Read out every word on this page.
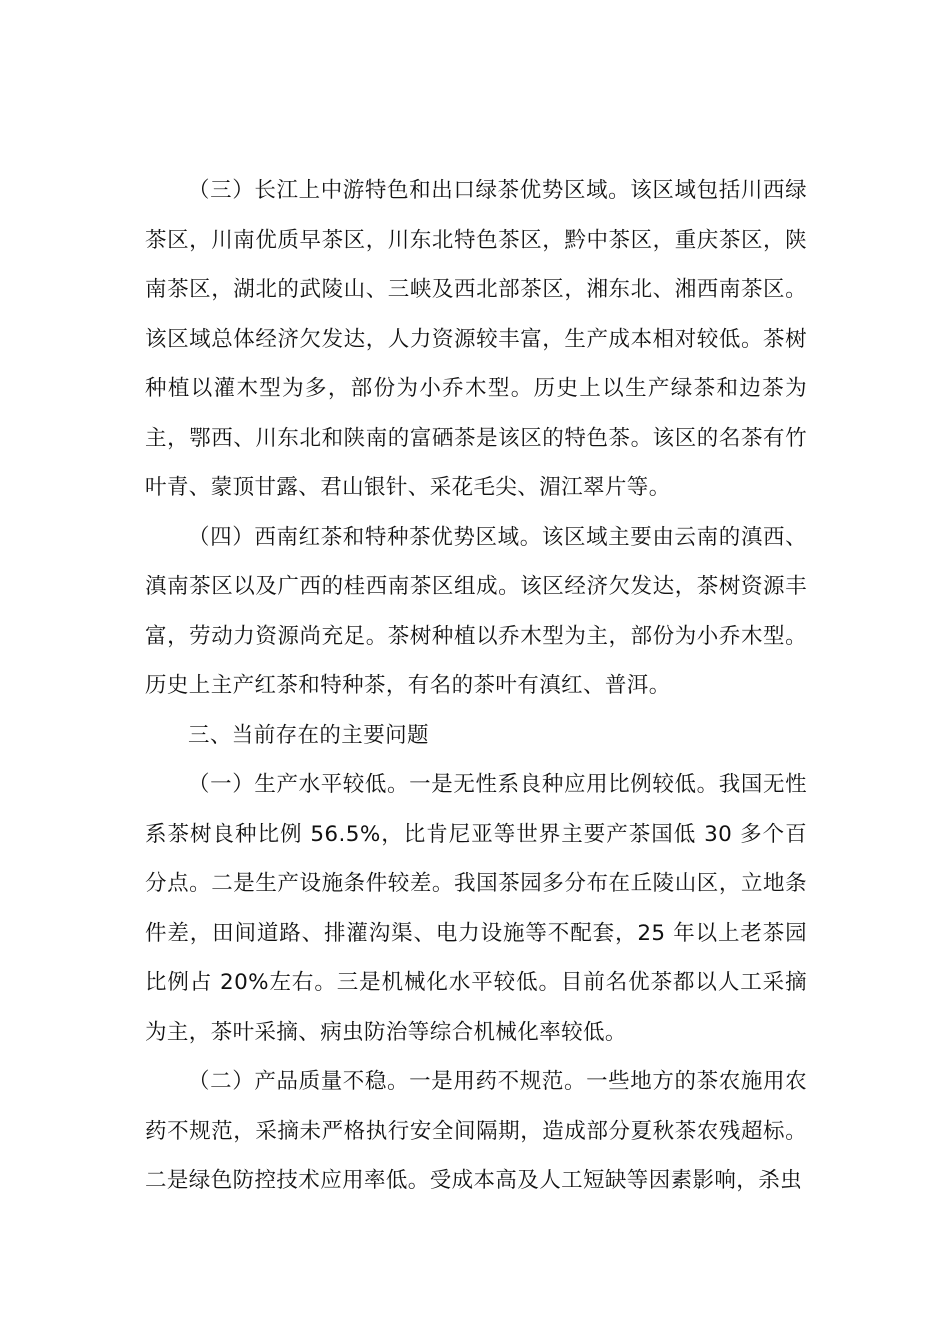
（三）长江上中游特色和出口绿茶优势区域。该区域包括川西绿茶区，川南优质早茶区，川东北特色茶区，黔中茶区，重庆茶区，陕南茶区，湖北的武陵山、三峡及西北部茶区，湘东北、湘西南茶区。该区域总体经济欠发达，人力资源较丰富，生产成本相对较低。茶树种植以灌木型为多，部份为小乔木型。历史上以生产绿茶和边茶为主，鄂西、川东北和陕南的富硒茶是该区的特色茶。该区的名茶有竹叶青、蒙顶甘露、君山银针、采花毛尖、湄江翠片等。

（四）西南红茶和特种茶优势区域。该区域主要由云南的滇西、滇南茶区以及广西的桂西南茶区组成。该区经济欠发达，茶树资源丰富，劳动力资源尚充足。茶树种植以乔木型为主，部份为小乔木型。历史上主产红茶和特种茶，有名的茶叶有滇红、普洱。

三、当前存在的主要问题

（一）生产水平较低。一是无性系良种应用比例较低。我国无性系茶树良种比例 56.5%，比肯尼亚等世界主要产茶国低 30 多个百分点。二是生产设施条件较差。我国茶园多分布在丘陵山区，立地条件差，田间道路、排灌沟渠、电力设施等不配套，25 年以上老茶园比例占 20%左右。三是机械化水平较低。目前名优茶都以人工采摘为主，茶叶采摘、病虫防治等综合机械化率较低。

（二）产品质量不稳。一是用药不规范。一些地方的茶农施用农药不规范，采摘未严格执行安全间隔期，造成部分夏秋茶农残超标。二是绿色防控技术应用率低。受成本高及人工短缺等因素影响，杀虫
